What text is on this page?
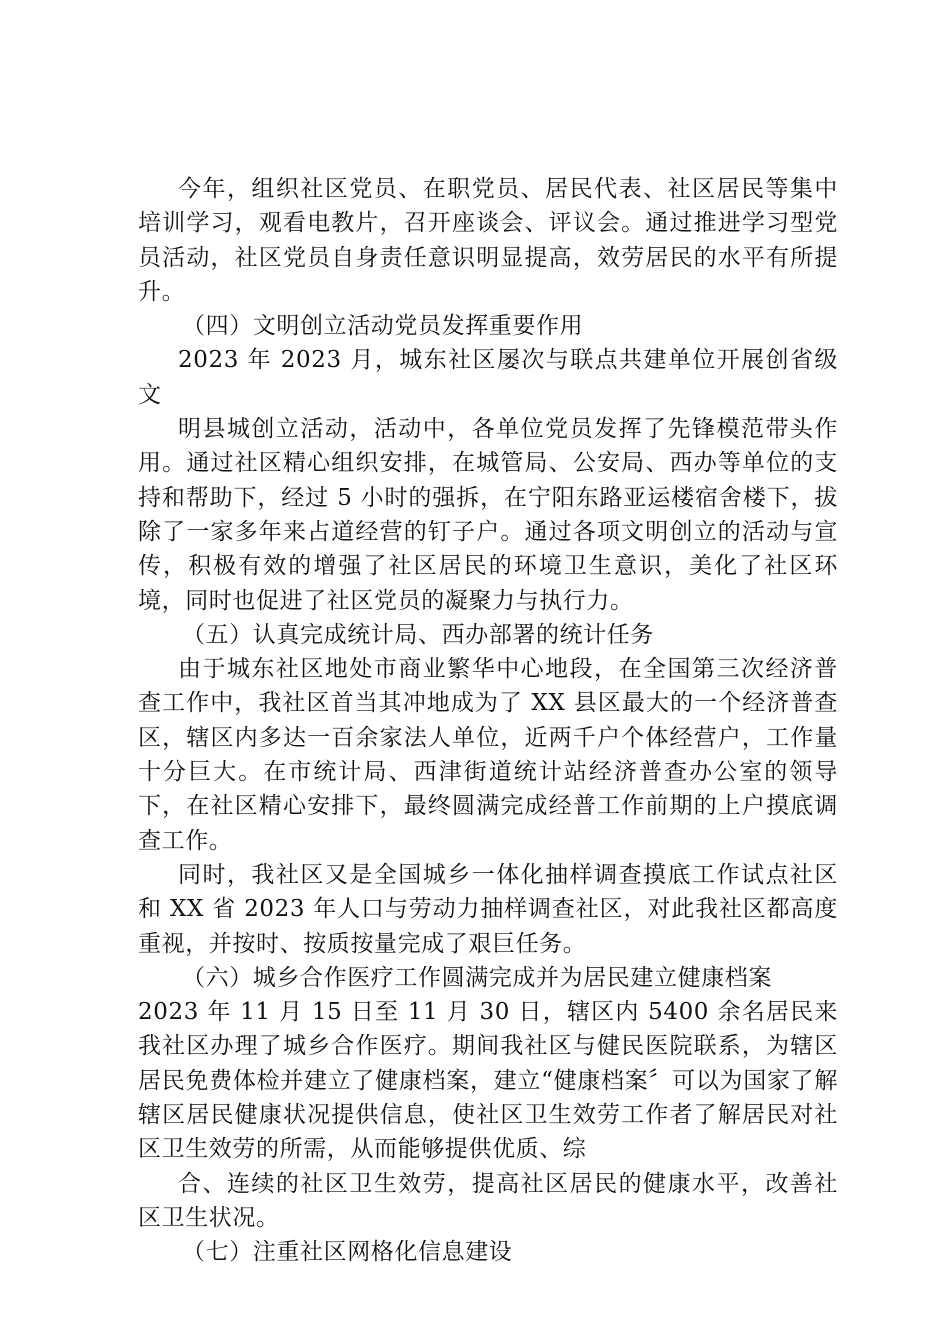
今年，组织社区党员、在职党员、居民代表、社区居民等集中培训学习，观看电教片，召开座谈会、评议会。通过推进学习型党员活动，社区党员自身责任意识明显提高，效劳居民的水平有所提升。

（四）文明创立活动党员发挥重要作用

2023 年 2023 月，城东社区屡次与联点共建单位开展创省级文

明县城创立活动，活动中，各单位党员发挥了先锋模范带头作用。通过社区精心组织安排，在城管局、公安局、西办等单位的支持和帮助下，经过 5 小时的强拆，在宁阳东路亚运楼宿舍楼下，拔除了一家多年来占道经营的钉子户。通过各项文明创立的活动与宣传，积极有效的增强了社区居民的环境卫生意识，美化了社区环境，同时也促进了社区党员的凝聚力与执行力。

（五）认真完成统计局、西办部署的统计任务

由于城东社区地处市商业繁华中心地段，在全国第三次经济普查工作中，我社区首当其冲地成为了 XX 县区最大的一个经济普查区，辖区内多达一百余家法人单位，近两千户个体经营户，工作量十分巨大。在市统计局、西津街道统计站经济普查办公室的领导下，在社区精心安排下，最终圆满完成经普工作前期的上户摸底调查工作。

同时，我社区又是全国城乡一体化抽样调查摸底工作试点社区和 XX 省 2023 年人口与劳动力抽样调查社区，对此我社区都高度重视，并按时、按质按量完成了艰巨任务。

（六）城乡合作医疗工作圆满完成并为居民建立健康档案

2023 年 11 月 15 日至 11 月 30 日，辖区内 5400 余名居民来我社区办理了城乡合作医疗。期间我社区与健民医院联系，为辖区居民免费体检并建立了健康档案，建立“健康档案〞可以为国家了解辖区居民健康状况提供信息，使社区卫生效劳工作者了解居民对社区卫生效劳的所需，从而能够提供优质、综

合、连续的社区卫生效劳，提高社区居民的健康水平，改善社区卫生状况。

（七）注重社区网格化信息建设
